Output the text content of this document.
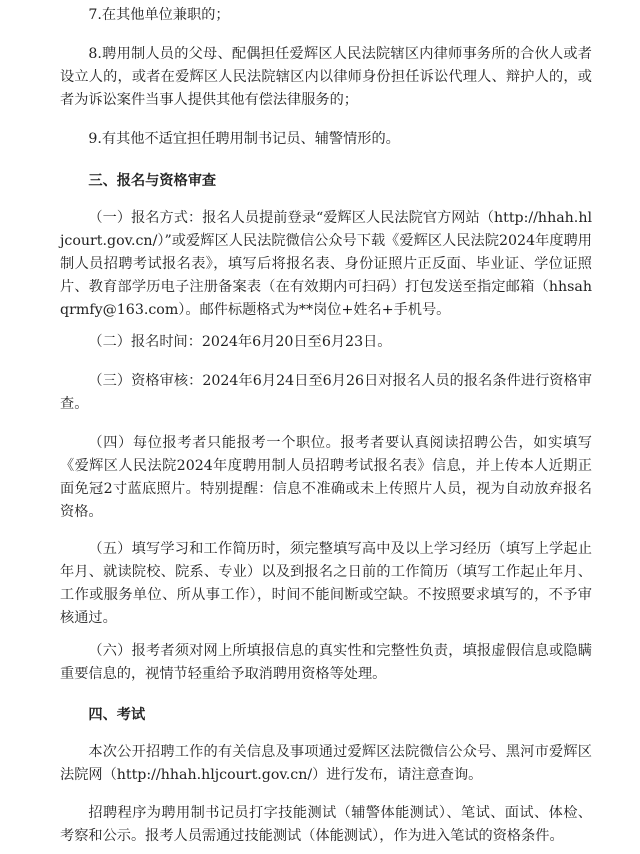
7.在其他单位兼职的；

8.聘用制人员的父母、配偶担任爱辉区人民法院辖区内律师事务所的合伙人或者设立人的，或者在爱辉区人民法院辖区内以律师身份担任诉讼代理人、辩护人的，或者为诉讼案件当事人提供其他有偿法律服务的；

9.有其他不适宜担任聘用制书记员、辅警情形的。

三、报名与资格审查

（一）报名方式：报名人员提前登录“爱辉区人民法院官方网站（http://hhah.hljcourt.gov.cn/）”或爱辉区人民法院微信公众号下载《爱辉区人民法院2024年度聘用制人员招聘考试报名表》，填写后将报名表、身份证照片正反面、毕业证、学位证照片、教育部学历电子注册备案表（在有效期内可扫码）打包发送至指定邮箱（hhsahqrmfy@163.com）。邮件标题格式为**岗位+姓名+手机号。

（二）报名时间：2024年6月20日至6月23日。

（三）资格审核：2024年6月24日至6月26日对报名人员的报名条件进行资格审查。

（四）每位报考者只能报考一个职位。报考者要认真阅读招聘公告，如实填写《爱辉区人民法院2024年度聘用制人员招聘考试报名表》信息，并上传本人近期正面免冠2寸蓝底照片。特别提醒：信息不准确或未上传照片人员，视为自动放弃报名资格。

（五）填写学习和工作简历时，须完整填写高中及以上学习经历（填写上学起止年月、就读院校、院系、专业）以及到报名之日前的工作简历（填写工作起止年月、工作或服务单位、所从事工作），时间不能间断或空缺。不按照要求填写的，不予审核通过。

（六）报考者须对网上所填报信息的真实性和完整性负责，填报虚假信息或隐瞒重要信息的，视情节轻重给予取消聘用资格等处理。

四、考试

本次公开招聘工作的有关信息及事项通过爱辉区法院微信公众号、黑河市爱辉区法院网（http://hhah.hljcourt.gov.cn/）进行发布，请注意查询。

招聘程序为聘用制书记员打字技能测试（辅警体能测试）、笔试、面试、体检、考察和公示。报考人员需通过技能测试（体能测试），作为进入笔试的资格条件。
